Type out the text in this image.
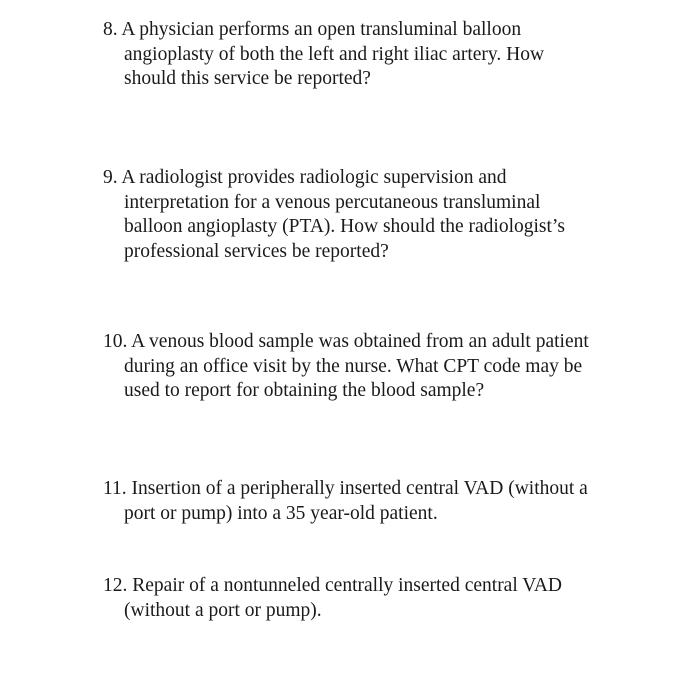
8. A physician performs an open transluminal balloon
angioplasty of both the left and right iliac artery. How
should this service be reported?
9. A radiologist provides radiologic supervision and
interpretation for a venous percutaneous transluminal
balloon angioplasty (PTA). How should the radiologist’s
professional services be reported?
10. A venous blood sample was obtained from an adult patient
during an office visit by the nurse. What CPT code may be
used to report for obtaining the blood sample?
11. Insertion of a peripherally inserted central VAD (without a
port or pump) into a 35 year-old patient.
12. Repair of a nontunneled centrally inserted central VAD
(without a port or pump).
